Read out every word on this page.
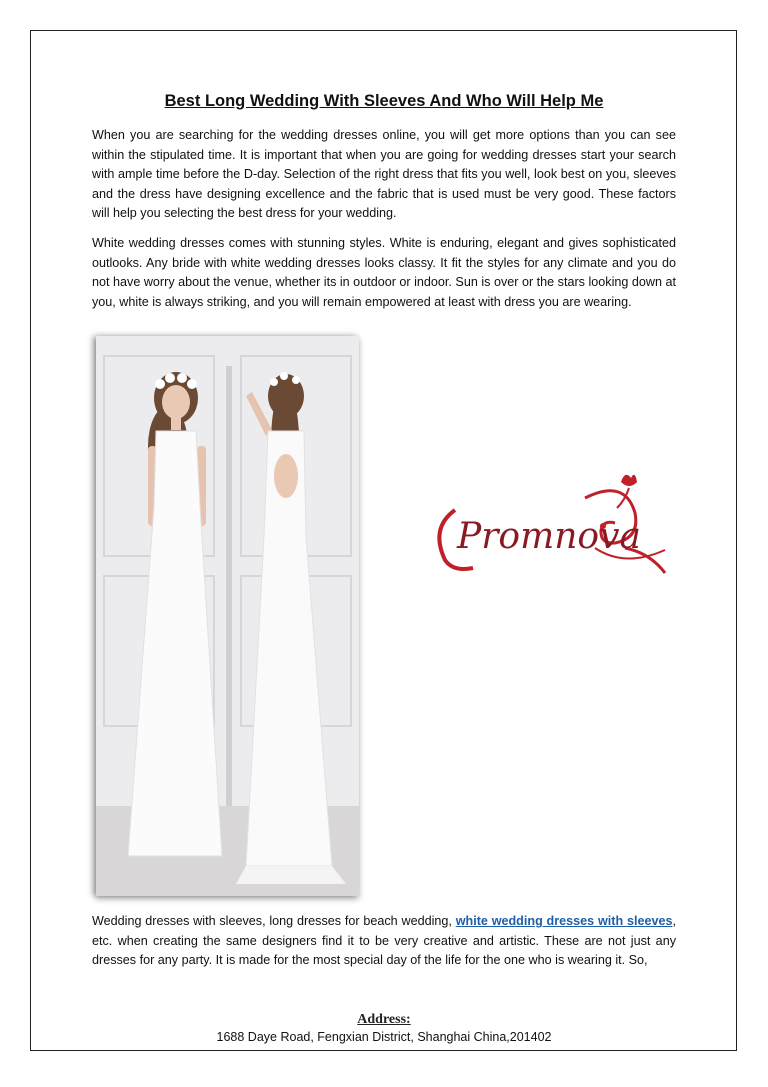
Best Long Wedding With Sleeves And Who Will Help Me

When you are searching for the wedding dresses online, you will get more options than you can see within the stipulated time. It is important that when you are going for wedding dresses start your search with ample time before the D-day. Selection of the right dress that fits you well, look best on you, sleeves and the dress have designing excellence and the fabric that is used must be very good. These factors will help you selecting the best dress for your wedding.

White wedding dresses comes with stunning styles. White is enduring, elegant and gives sophisticated outlooks. Any bride with white wedding dresses looks classy. It fit the styles for any climate and you do not have worry about the venue, whether its in outdoor or indoor. Sun is over or the stars looking down at you, white is always striking, and you will remain empowered at least with dress you are wearing.

Promnova

Wedding dresses with sleeves, long dresses for beach wedding, white wedding dresses with sleeves, etc. when creating the same designers find it to be very creative and artistic. These are not just any dresses for any party. It is made for the most special day of the life for the one who is wearing it. So,

Address:
1688 Daye Road, Fengxian District, Shanghai China,201402
